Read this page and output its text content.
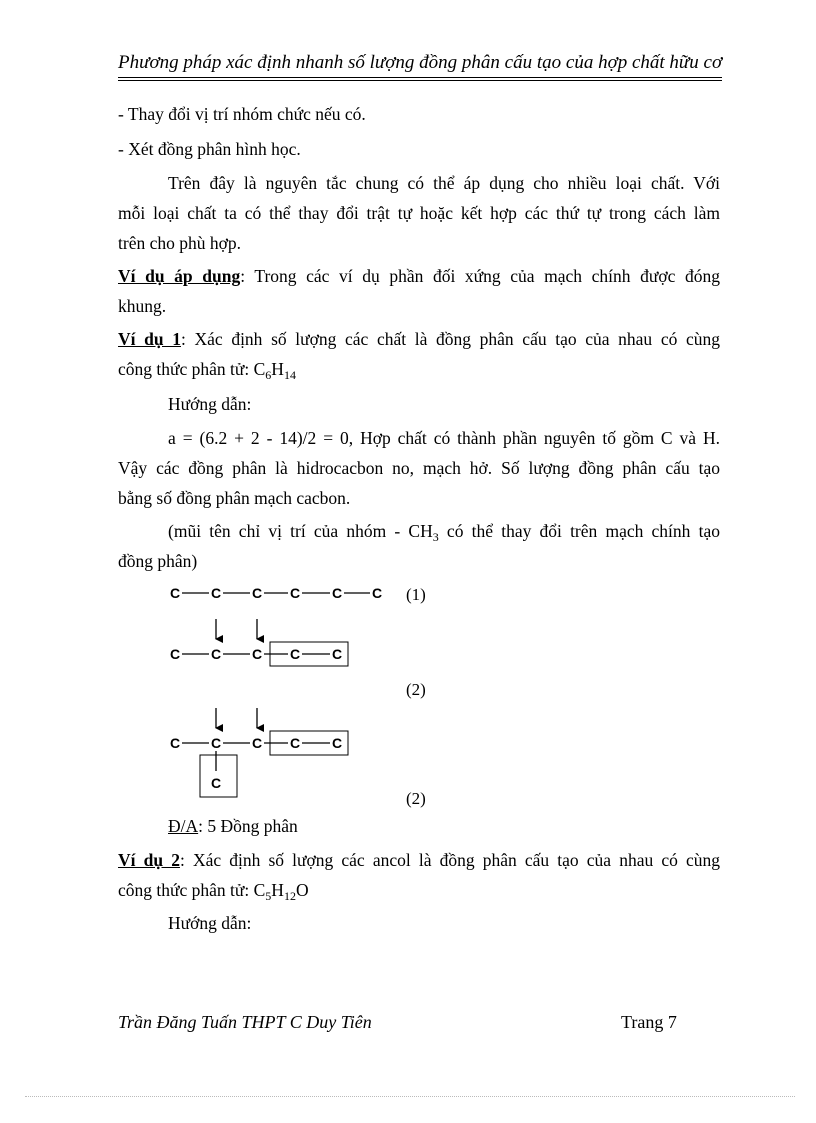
Phương pháp xác định nhanh số lượng đồng phân cấu tạo của hợp chất hữu cơ
- Thay đổi vị trí nhóm chức nếu có.
- Xét đồng phân hình học.
Trên đây là nguyên tắc chung có thể áp dụng cho nhiều loại chất. Với
mỗi loại chất ta có thể thay đổi trật tự hoặc kết hợp các thứ tự trong cách làm
trên cho phù hợp.
Ví dụ áp dụng: Trong các ví dụ phần đối xứng của mạch chính được đóng
khung.
Ví dụ 1: Xác định số lượng các chất là đồng phân cấu tạo của nhau có cùng
công thức phân tử: $C_6H_{14}$
Hướng dẫn:
a = (6.2 + 2 - 14)/2 = 0, Hợp chất có thành phần nguyên tố gồm C và H.
Vậy các đồng phân là hidrocacbon no, mạch hở. Số lượng đồng phân cấu tạo
bằng số đồng phân mạch cacbon.
(mũi tên chỉ vị trí của nhóm - $CH_3$ có thể thay đổi trên mạch chính tạo
đồng phân)
C	C C C C
C
C C C C C
C C C C C
C
(1)
(2)
(2)
Đ/A: 5 Đồng phân
Ví dụ 2: Xác định số lượng các ancol là đồng phân cấu tạo của nhau có cùng
công thức phân tử: $C_5H_{12}O$
Hướng dẫn:
Trần Đăng Tuấn THPT C Duy Tiên	Trang 7
